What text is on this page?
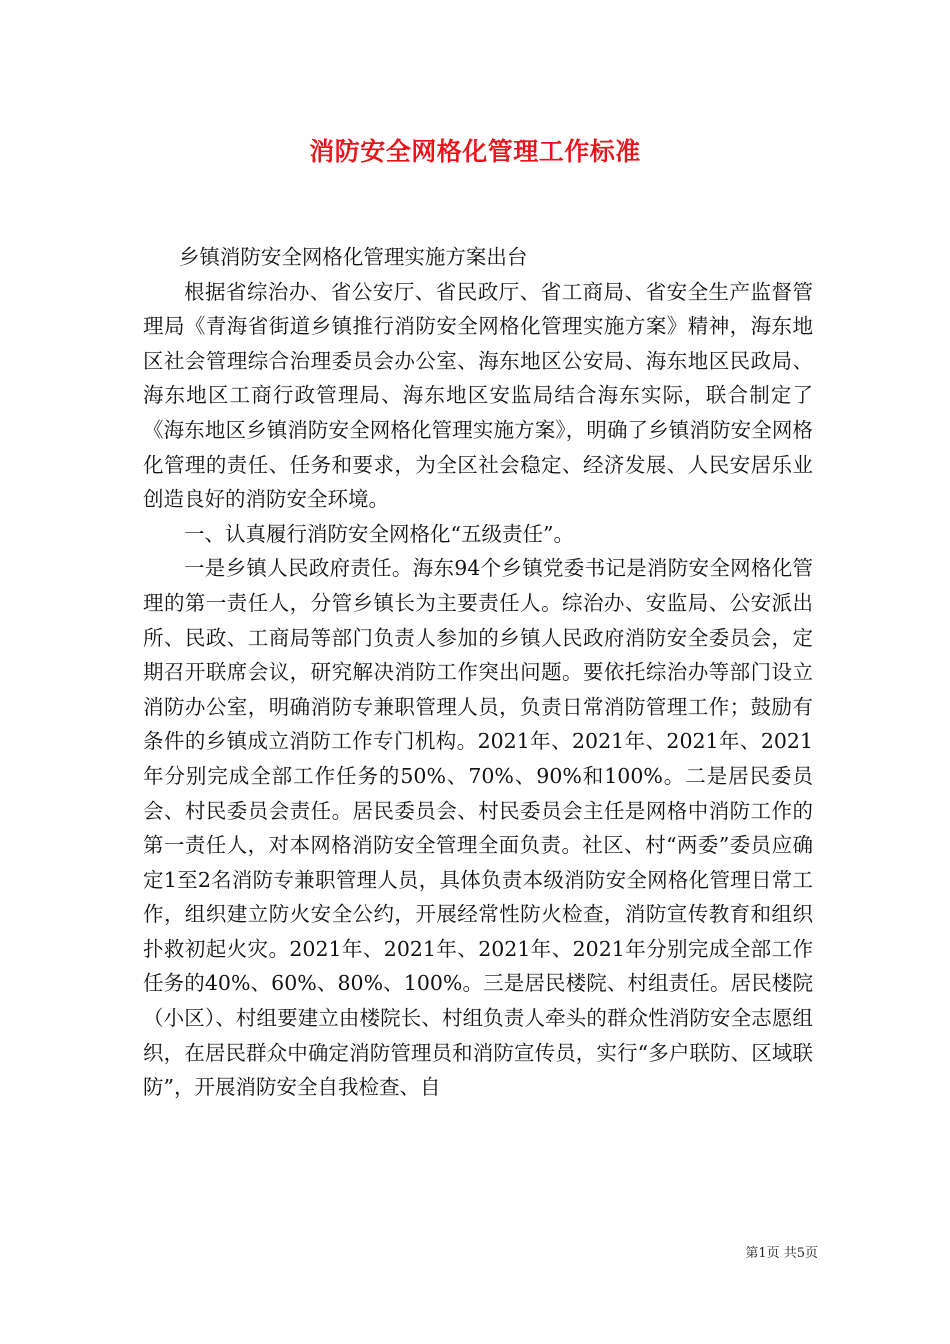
消防安全网格化管理工作标准

乡镇消防安全网格化管理实施方案出台

根据省综治办、省公安厅、省民政厅、省工商局、省安全生产监督管理局《青海省街道乡镇推行消防安全网格化管理实施方案》精神，海东地区社会管理综合治理委员会办公室、海东地区公安局、海东地区民政局、海东地区工商行政管理局、海东地区安监局结合海东实际，联合制定了《海东地区乡镇消防安全网格化管理实施方案》，明确了乡镇消防安全网格化管理的责任、任务和要求，为全区社会稳定、经济发展、人民安居乐业创造良好的消防安全环境。

一、认真履行消防安全网格化“五级责任”。

一是乡镇人民政府责任。海东94个乡镇党委书记是消防安全网格化管理的第一责任人，分管乡镇长为主要责任人。综治办、安监局、公安派出所、民政、工商局等部门负责人参加的乡镇人民政府消防安全委员会，定期召开联席会议，研究解决消防工作突出问题。要依托综治办等部门设立消防办公室，明确消防专兼职管理人员，负责日常消防管理工作；鼓励有条件的乡镇成立消防工作专门机构。2021年、2021年、2021年、2021年分别完成全部工作任务的50%、70%、90%和100%。二是居民委员会、村民委员会责任。居民委员会、村民委员会主任是网格中消防工作的第一责任人，对本网格消防安全管理全面负责。社区、村“两委”委员应确定1至2名消防专兼职管理人员，具体负责本级消防安全网格化管理日常工作，组织建立防火安全公约，开展经常性防火检查，消防宣传教育和组织扑救初起火灾。2021年、2021年、2021年、2021年分别完成全部工作任务的40%、60%、80%、100%。三是居民楼院、村组责任。居民楼院（小区）、村组要建立由楼院长、村组负责人牵头的群众性消防安全志愿组织，在居民群众中确定消防管理员和消防宣传员，实行“多户联防、区域联防”，开展消防安全自我检查、自

第1页 共5页
